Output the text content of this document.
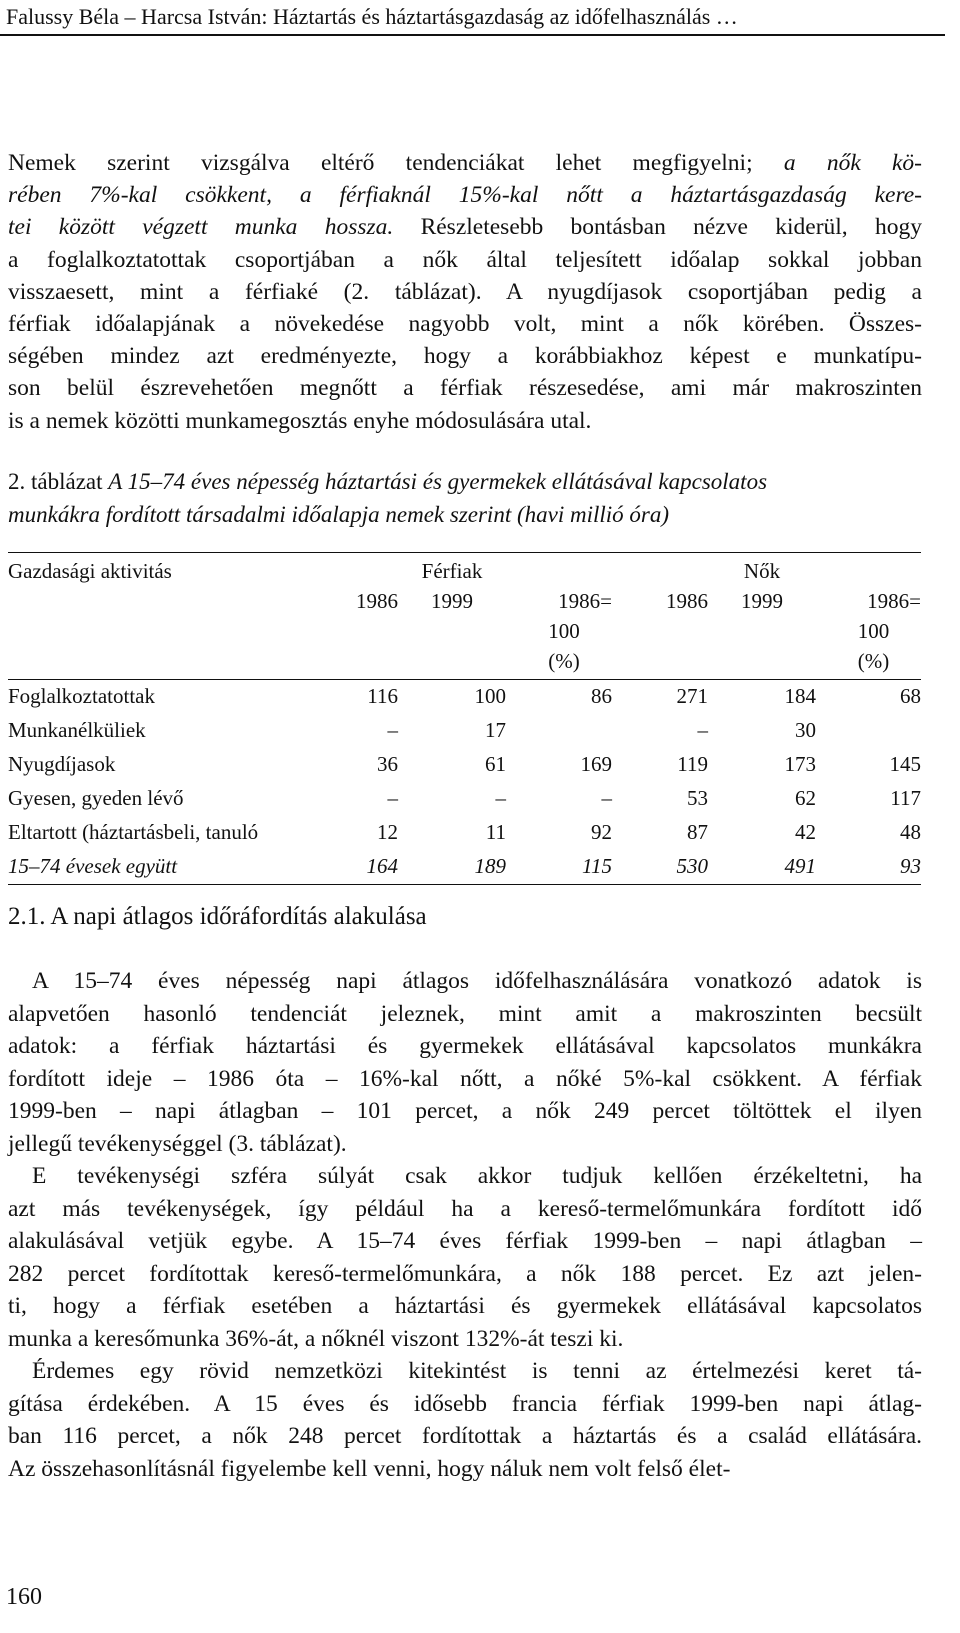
Falussy Béla – Harcsa István: Háztartás és háztartásgazdaság az időfelhasználás …
Nemek szerint vizsgálva eltérő tendenciákat lehet megfigyelni; a nők kö-
rében 7%-kal csökkent, a férfiaknál 15%-kal nőtt a háztartásgazdaság kere-
tei között végzett munka hossza. Részletesebb bontásban nézve kiderül, hogy
a foglalkoztatottak csoportjában a nők által teljesített időalap sokkal jobban
visszaesett, mint a férfiaké (2. táblázat). A nyugdíjasok csoportjában pedig a
férfiak időalapjának a növekedése nagyobb volt, mint a nők körében. Összes-
ségében mindez azt eredményezte, hogy a korábbiakhoz képest e munkatípu-
son belül észrevehetően megnőtt a férfiak részesedése, ami már makroszinten
is a nemek közötti munkamegosztás enyhe módosulására utal.
2. táblázat A 15–74 éves népesség háztartási és gyermekek ellátásával kapcsolatos
munkákra fordított társadalmi időalapja nemek szerint (havi millió óra)
Gazdasági aktivitás		Férfiak			Nők	
	1986	1999	1986=	1986	1999	1986=
			100			100
			(%)			(%)
Foglalkoztatottak	116	100	86	271	184	68
Munkanélküliek	–	17		–	30	
Nyugdíjasok	36	61	169	119	173	145
Gyesen, gyeden lévő	–	–	–	53	62	117
Eltartott (háztartásbeli, tanuló	12	11	92	87	42	48
15–74 évesek együtt	164	189	115	530	491	93
2.1. A napi átlagos időráfordítás alakulása
A 15–74 éves népesség napi átlagos időfelhasználására vonatkozó adatok is
alapvetően hasonló tendenciát jeleznek, mint amit a makroszinten becsült
adatok: a férfiak háztartási és gyermekek ellátásával kapcsolatos munkákra
fordított ideje – 1986 óta – 16%-kal nőtt, a nőké 5%-kal csökkent. A férfiak
1999-ben – napi átlagban – 101 percet, a nők 249 percet töltöttek el ilyen
jellegű tevékenységgel (3. táblázat).
E tevékenységi szféra súlyát csak akkor tudjuk kellően érzékeltetni, ha
azt más tevékenységek, így például ha a kereső-termelőmunkára fordított idő
alakulásával vetjük egybe. A 15–74 éves férfiak 1999-ben – napi átlagban –
282 percet fordítottak kereső-termelőmunkára, a nők 188 percet. Ez azt jelen-
ti, hogy a férfiak esetében a háztartási és gyermekek ellátásával kapcsolatos
munka a keresőmunka 36%-át, a nőknél viszont 132%-át teszi ki.
Érdemes egy rövid nemzetközi kitekintést is tenni az értelmezési keret tá-
gítása érdekében. A 15 éves és idősebb francia férfiak 1999-ben napi átlag-
ban 116 percet, a nők 248 percet fordítottak a háztartás és a család ellátására.
Az összehasonlításnál figyelembe kell venni, hogy náluk nem volt felső élet-
160
